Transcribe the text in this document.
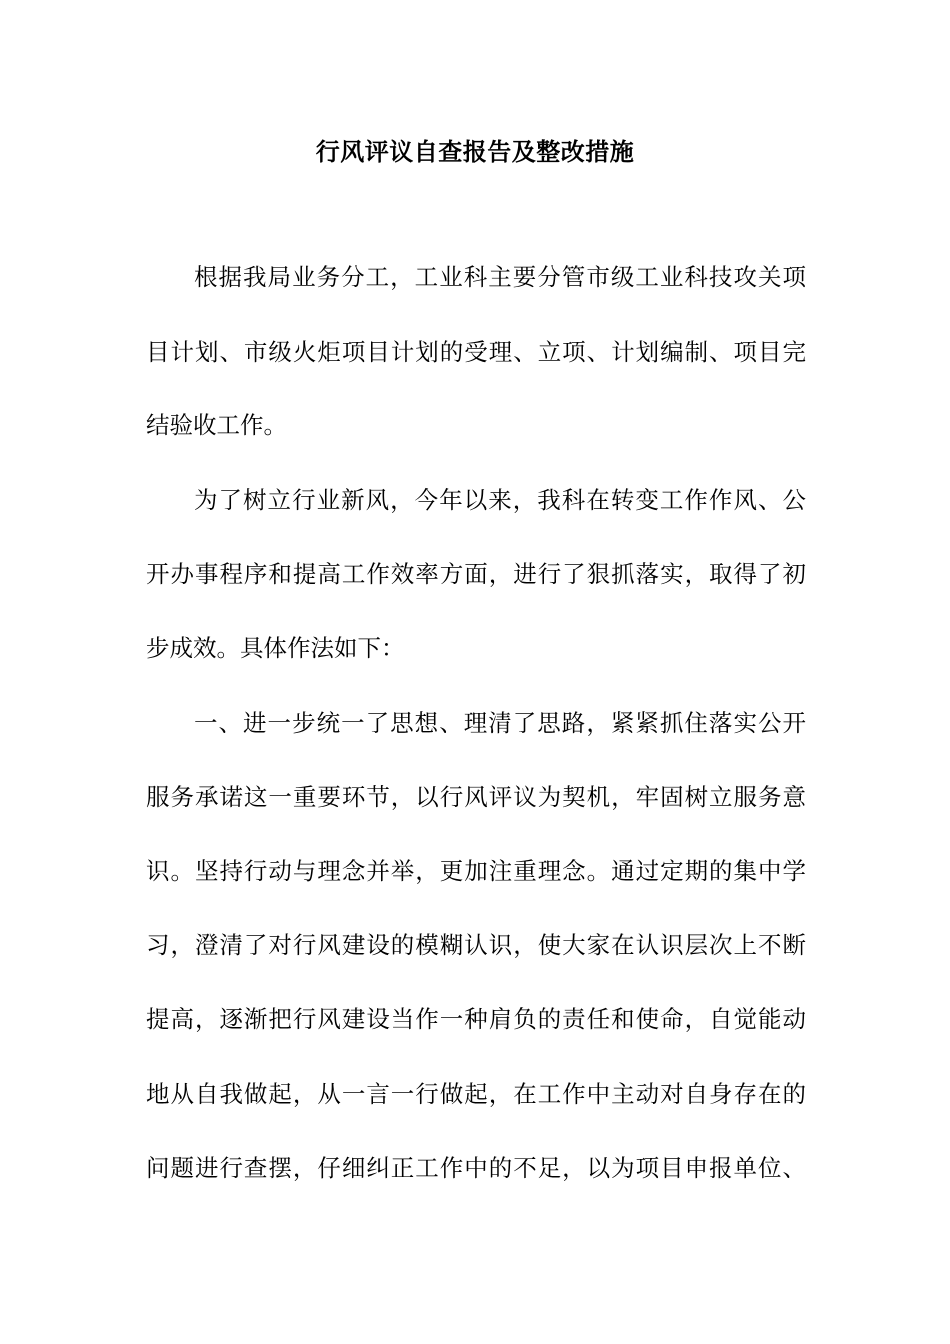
行风评议自查报告及整改措施

根据我局业务分工，工业科主要分管市级工业科技攻关项

目计划、市级火炬项目计划的受理、立项、计划编制、项目完

结验收工作。

为了树立行业新风，今年以来，我科在转变工作作风、公

开办事程序和提高工作效率方面，进行了狠抓落实，取得了初

步成效。具体作法如下：

一、进一步统一了思想、理清了思路，紧紧抓住落实公开

服务承诺这一重要环节，以行风评议为契机，牢固树立服务意

识。坚持行动与理念并举，更加注重理念。通过定期的集中学

习，澄清了对行风建设的模糊认识，使大家在认识层次上不断

提高，逐渐把行风建设当作一种肩负的责任和使命，自觉能动

地从自我做起，从一言一行做起，在工作中主动对自身存在的

问题进行查摆，仔细纠正工作中的不足，以为项目申报单位、
